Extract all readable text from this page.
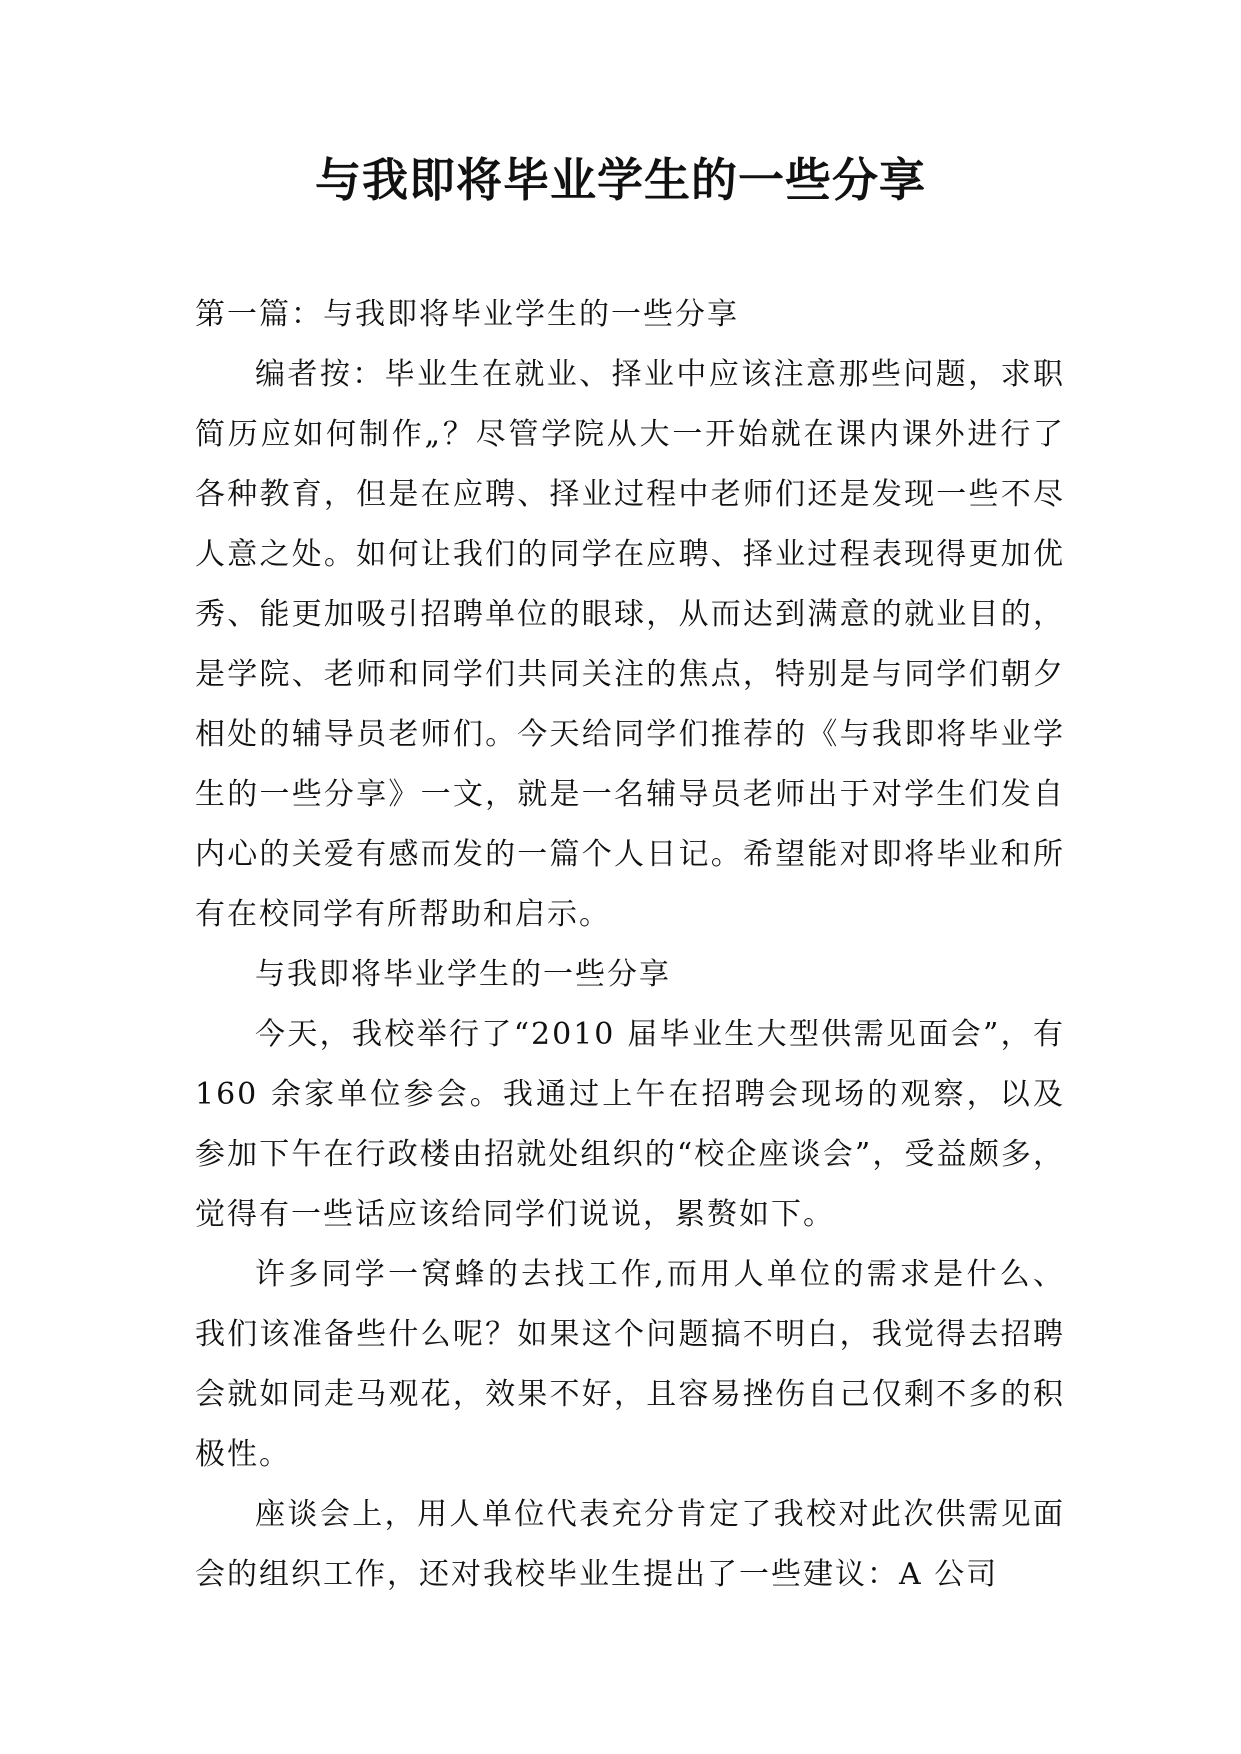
与我即将毕业学生的一些分享

第一篇：与我即将毕业学生的一些分享

编者按：毕业生在就业、择业中应该注意那些问题，求职简历应如何制作„？尽管学院从大一开始就在课内课外进行了各种教育，但是在应聘、择业过程中老师们还是发现一些不尽人意之处。如何让我们的同学在应聘、择业过程表现得更加优秀、能更加吸引招聘单位的眼球，从而达到满意的就业目的，是学院、老师和同学们共同关注的焦点，特别是与同学们朝夕相处的辅导员老师们。今天给同学们推荐的《与我即将毕业学生的一些分享》一文，就是一名辅导员老师出于对学生们发自内心的关爱有感而发的一篇个人日记。希望能对即将毕业和所有在校同学有所帮助和启示。

与我即将毕业学生的一些分享

今天，我校举行了“2010 届毕业生大型供需见面会”，有 160 余家单位参会。我通过上午在招聘会现场的观察，以及参加下午在行政楼由招就处组织的“校企座谈会”，受益颇多，觉得有一些话应该给同学们说说，累赘如下。

许多同学一窝蜂的去找工作,而用人单位的需求是什么、我们该准备些什么呢？如果这个问题搞不明白，我觉得去招聘会就如同走马观花，效果不好，且容易挫伤自己仅剩不多的积极性。

座谈会上，用人单位代表充分肯定了我校对此次供需见面会的组织工作，还对我校毕业生提出了一些建议：A 公司
